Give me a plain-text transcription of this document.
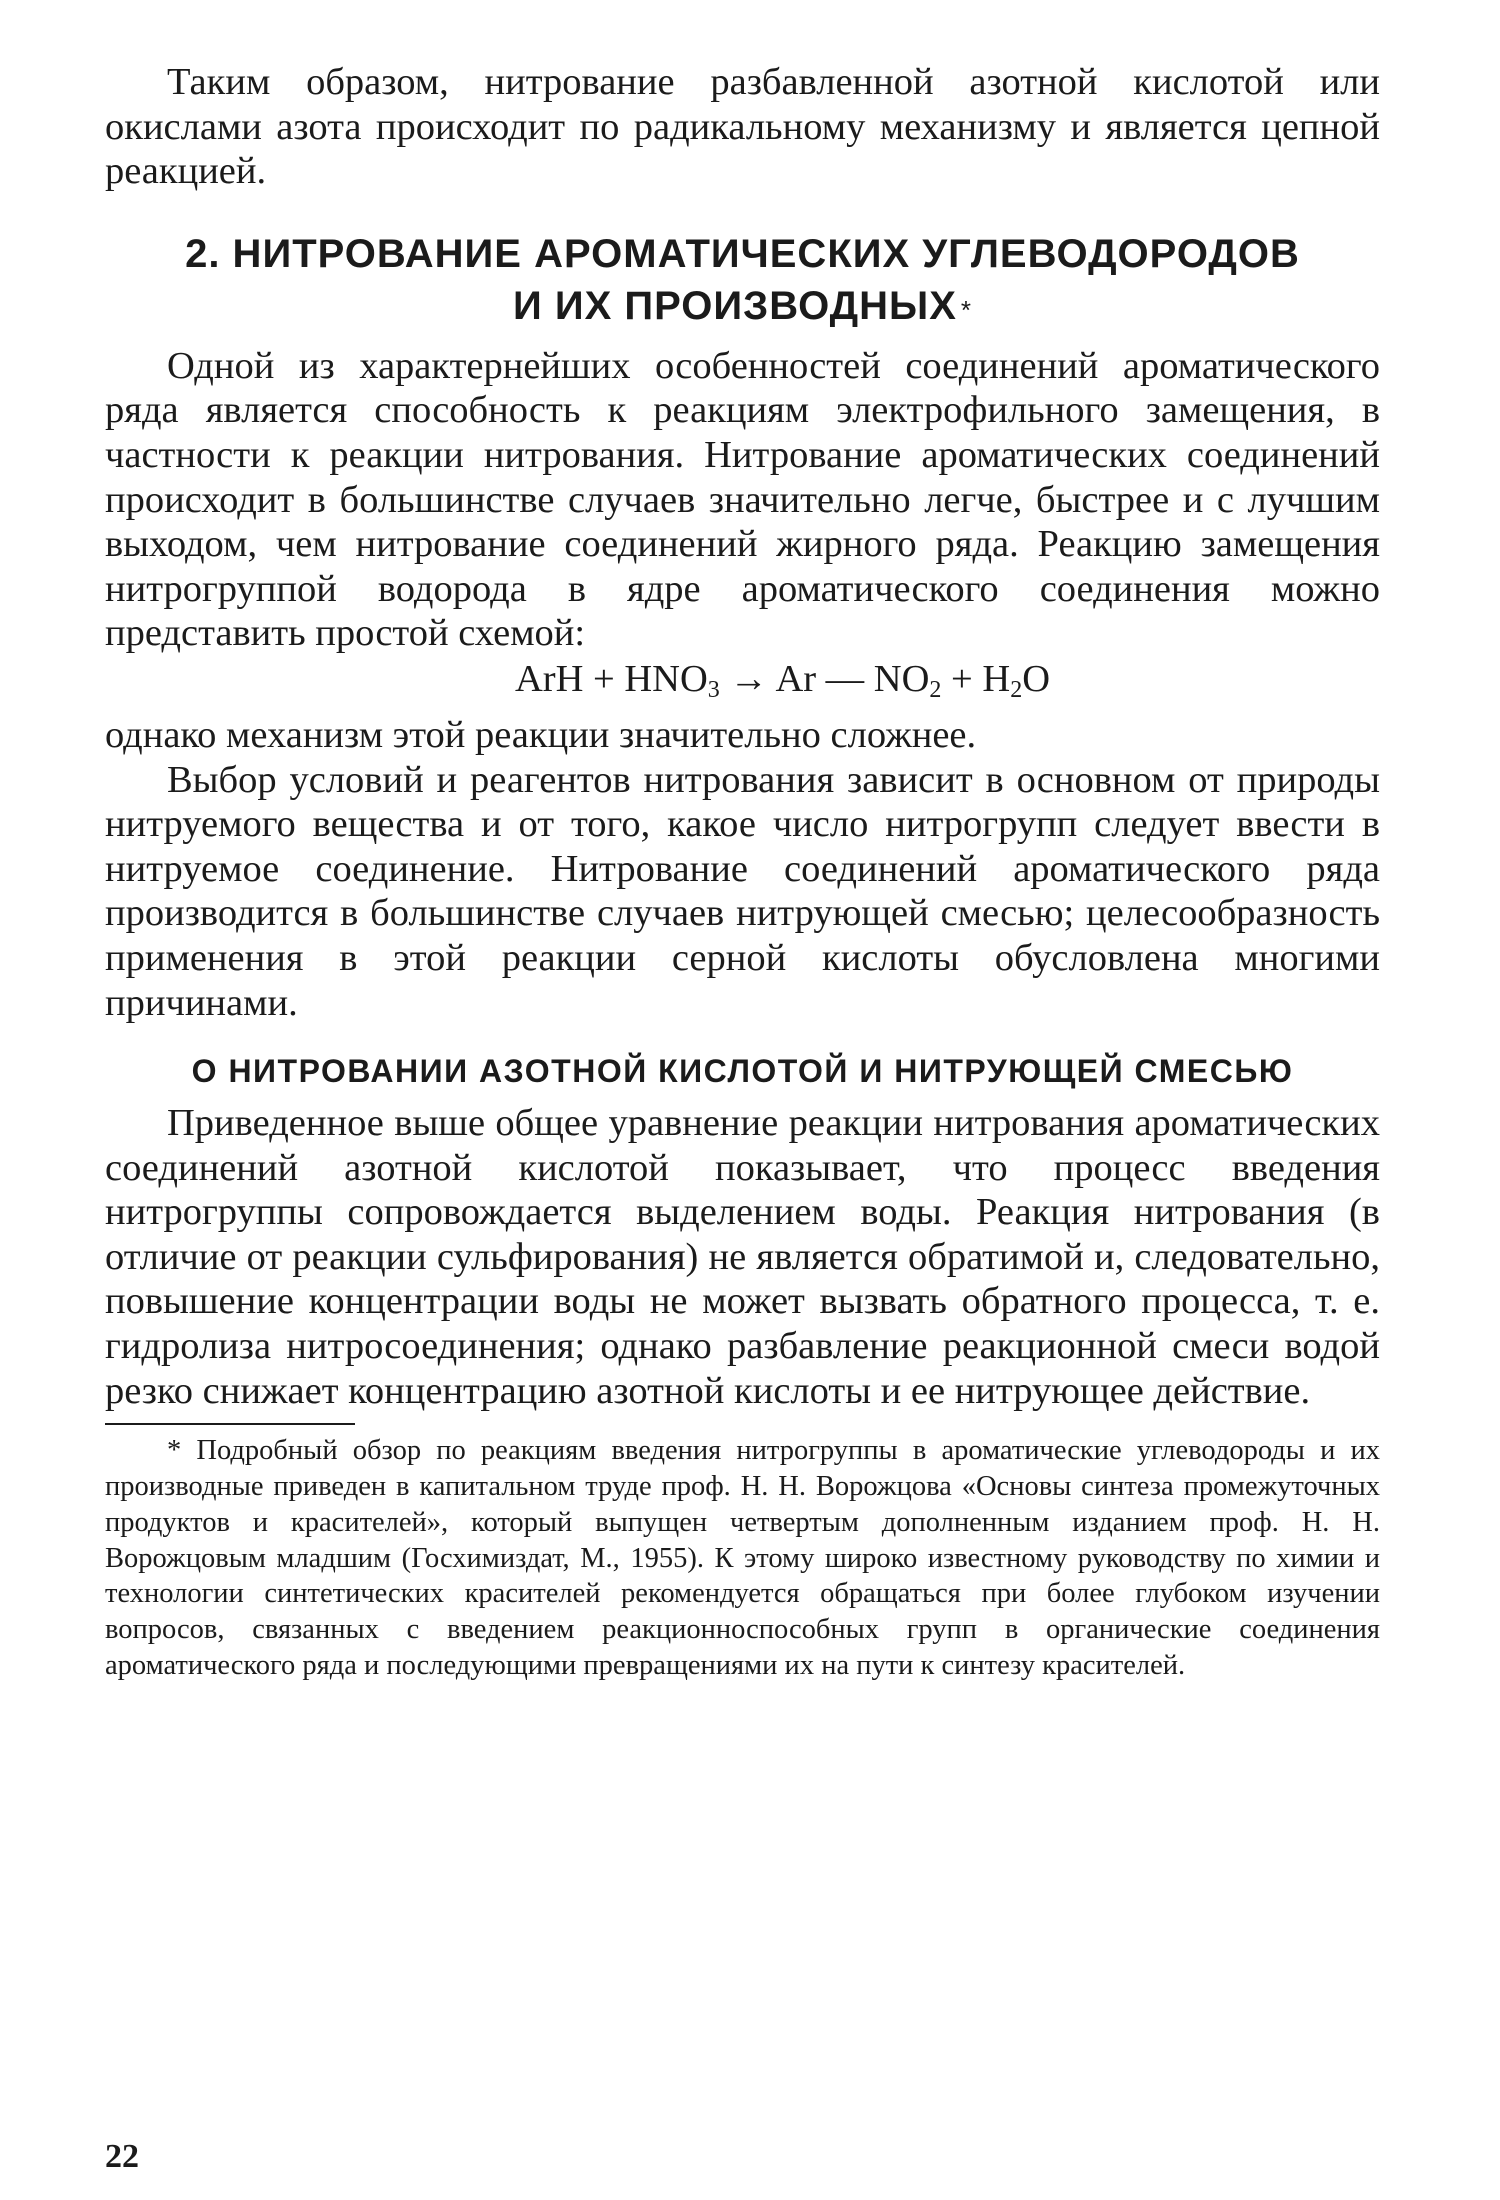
Таким образом, нитрование разбавленной азотной кислотой или окислами азота происходит по радикальному механизму и является цепной реакцией.

2. НИТРОВАНИЕ АРОМАТИЧЕСКИХ УГЛЕВОДОРОДОВ

И ИХ ПРОИЗВОДНЫХ *

Одной из характернейших особенностей соединений ароматического ряда является способность к реакциям электрофильного замещения, в частности к реакции нитрования. Нитрование ароматических соединений происходит в большинстве случаев значительно легче, быстрее и с лучшим выходом, чем нитрование соединений жирного ряда. Реакцию замещения нитрогруппой водорода в ядре ароматического соединения можно представить простой схемой:

ArH + $HNO_3 \to Ar$ — $NO_2 + H_2O$

однако механизм этой реакции значительно сложнее.

Выбор условий и реагентов нитрования зависит в основном от природы нитруемого вещества и от того, какое число нитрогрупп следует ввести в нитруемое соединение. Нитрование соединений ароматического ряда производится в большинстве случаев нитрующей смесью; целесообразность применения в этой реакции серной кислоты обусловлена многими причинами.

О НИТРОВАНИИ АЗОТНОЙ КИСЛОТОЙ И НИТРУЮЩЕЙ СМЕСЬЮ

Приведенное выше общее уравнение реакции нитрования ароматических соединений азотной кислотой показывает, что процесс введения нитрогруппы сопровождается выделением воды. Реакция нитрования (в отличие от реакции сульфирования) не является обратимой и, следовательно, повышение концентрации воды не может вызвать обратного процесса, т. е. гидролиза нитросоединения; однако разбавление реакционной смеси водой резко снижает концентрацию азотной кислоты и ее нитрующее действие.

* Подробный обзор по реакциям введения нитрогруппы в ароматические углеводороды и их производные приведен в капитальном труде проф. Н. Н. Ворожцова «Основы синтеза промежуточных продуктов и красителей», который выпущен четвертым дополненным изданием проф. Н. Н. Ворожцовым младшим (Госхимиздат, М., 1955). К этому широко известному руководству по химии и технологии синтетических красителей рекомендуется обращаться при более глубоком изучении вопросов, связанных с введением реакционноспособных групп в органические соединения ароматического ряда и последующими превращениями их на пути к синтезу красителей.

22
